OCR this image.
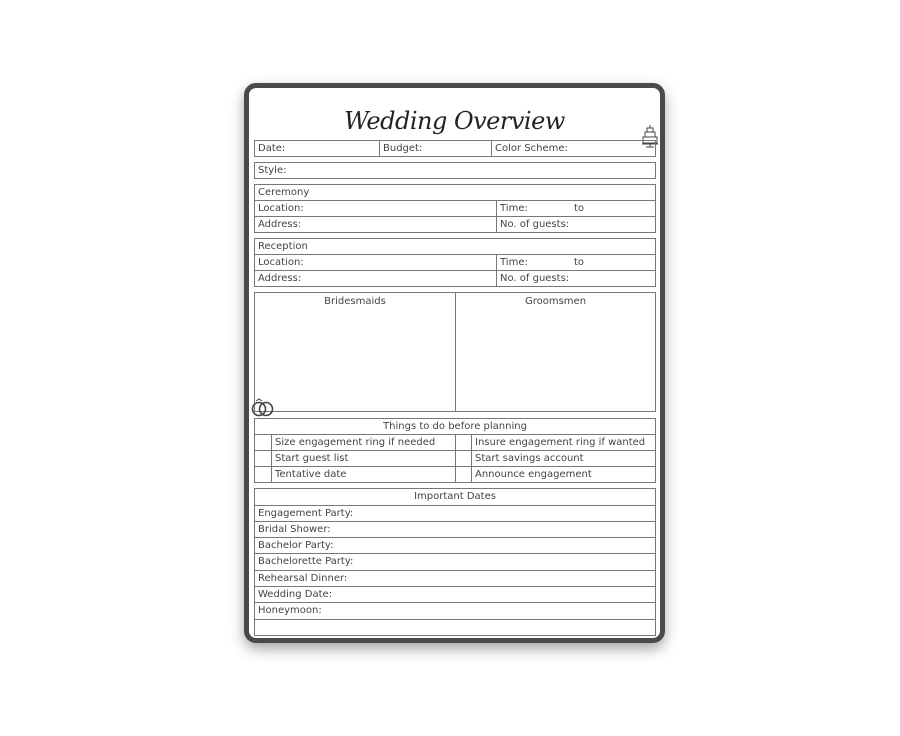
Wedding Overview
Date:	Budget:	Color Scheme:
Style:
Ceremony
Location:	Time:	to
Address:	No. of guests:
Reception
Location:	Time:	to
Address:	No. of guests:
Bridesmaids	Groomsmen
Things to do before planning
Size engagement ring if needed	Insure engagement ring if wanted
Start guest list	Start savings account
Tentative date	Announce engagement
Important Dates
Engagement Party:
Bridal Shower:
Bachelor Party:
Bachelorette Party:
Rehearsal Dinner:
Wedding Date:
Honeymoon:
